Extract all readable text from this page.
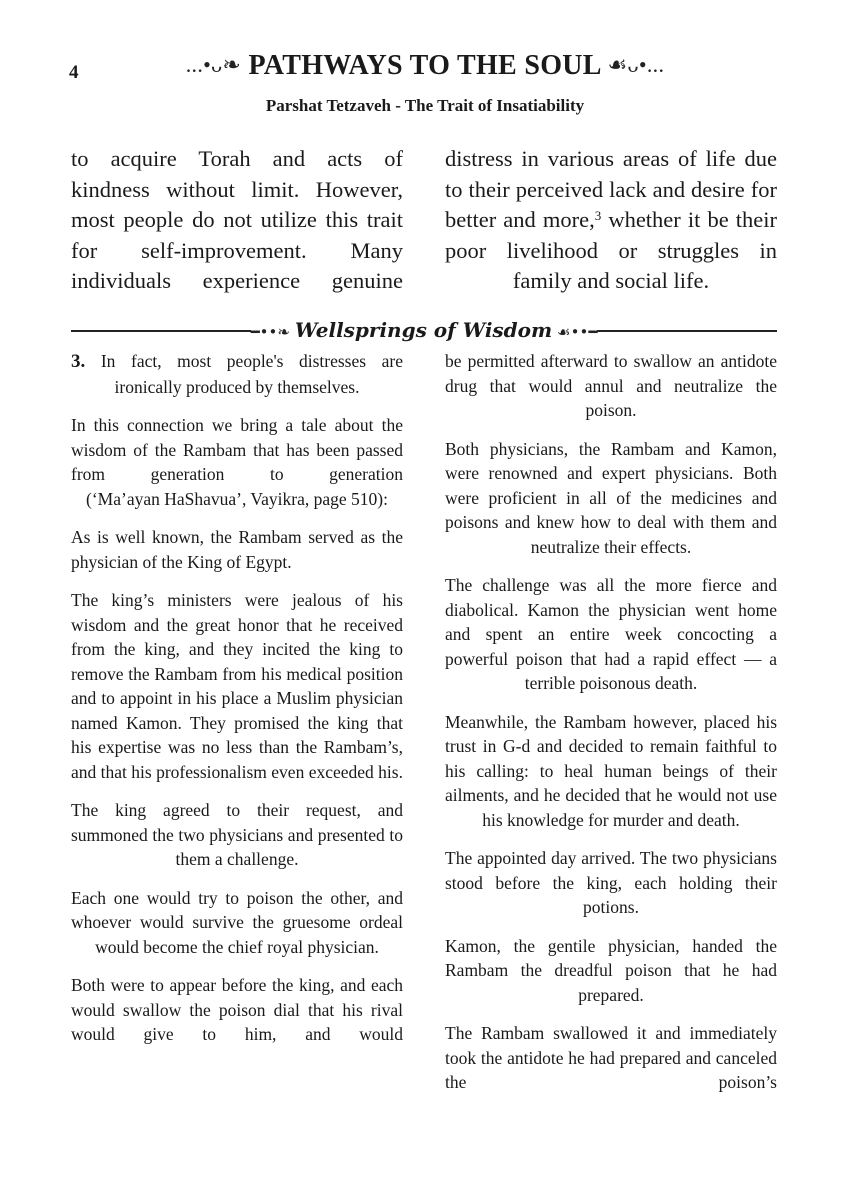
4	...•ᴗ❧ PATHWAYS TO THE SOUL ☙ᴗ•...
Parshat Tetzaveh - The Trait of Insatiability

to acquire Torah and acts of kindness without limit. However, most people do not utilize this trait for self-improvement. Many individuals experience genuine

distress in various areas of life due to their perceived lack and desire for better and more,$^3$ whether it be their poor livelihood or struggles in family and social life.

━••❧ Wellsprings of Wisdom ☙••━

3. In fact, most people's distresses are ironically produced by themselves.

In this connection we bring a tale about the wisdom of the Rambam that has been passed from generation to generation

(‘Ma’ayan HaShavua’, Vayikra, page 510):

As is well known, the Rambam served as the physician of the King of Egypt.

The king’s ministers were jealous of his wisdom and the great honor that he received from the king, and they incited the king to remove the Rambam from his medical position and to appoint in his place a Muslim physician named Kamon. They promised the king that his expertise was no less than the Rambam’s, and that his professionalism even exceeded his.

The king agreed to their request, and summoned the two physicians and presented to them a challenge.

Each one would try to poison the other, and whoever would survive the gruesome ordeal would become the chief royal physician.

Both were to appear before the king, and each would swallow the poison dial that his rival would give to him, and would

be permitted afterward to swallow an antidote drug that would annul and neutralize the poison.

Both physicians, the Rambam and Kamon, were renowned and expert physicians. Both were proficient in all of the medicines and poisons and knew how to deal with them and neutralize their effects.

The challenge was all the more fierce and diabolical. Kamon the physician went home and spent an entire week concocting a powerful poison that had a rapid effect — a terrible poisonous death.

Meanwhile, the Rambam however, placed his trust in G-d and decided to remain faithful to his calling: to heal human beings of their ailments, and he decided that he would not use his knowledge for murder and death.

The appointed day arrived. The two physicians stood before the king, each holding their potions.

Kamon, the gentile physician, handed the Rambam the dreadful poison that he had prepared.

The Rambam swallowed it and immediately took the antidote he had prepared and canceled the poison’s
